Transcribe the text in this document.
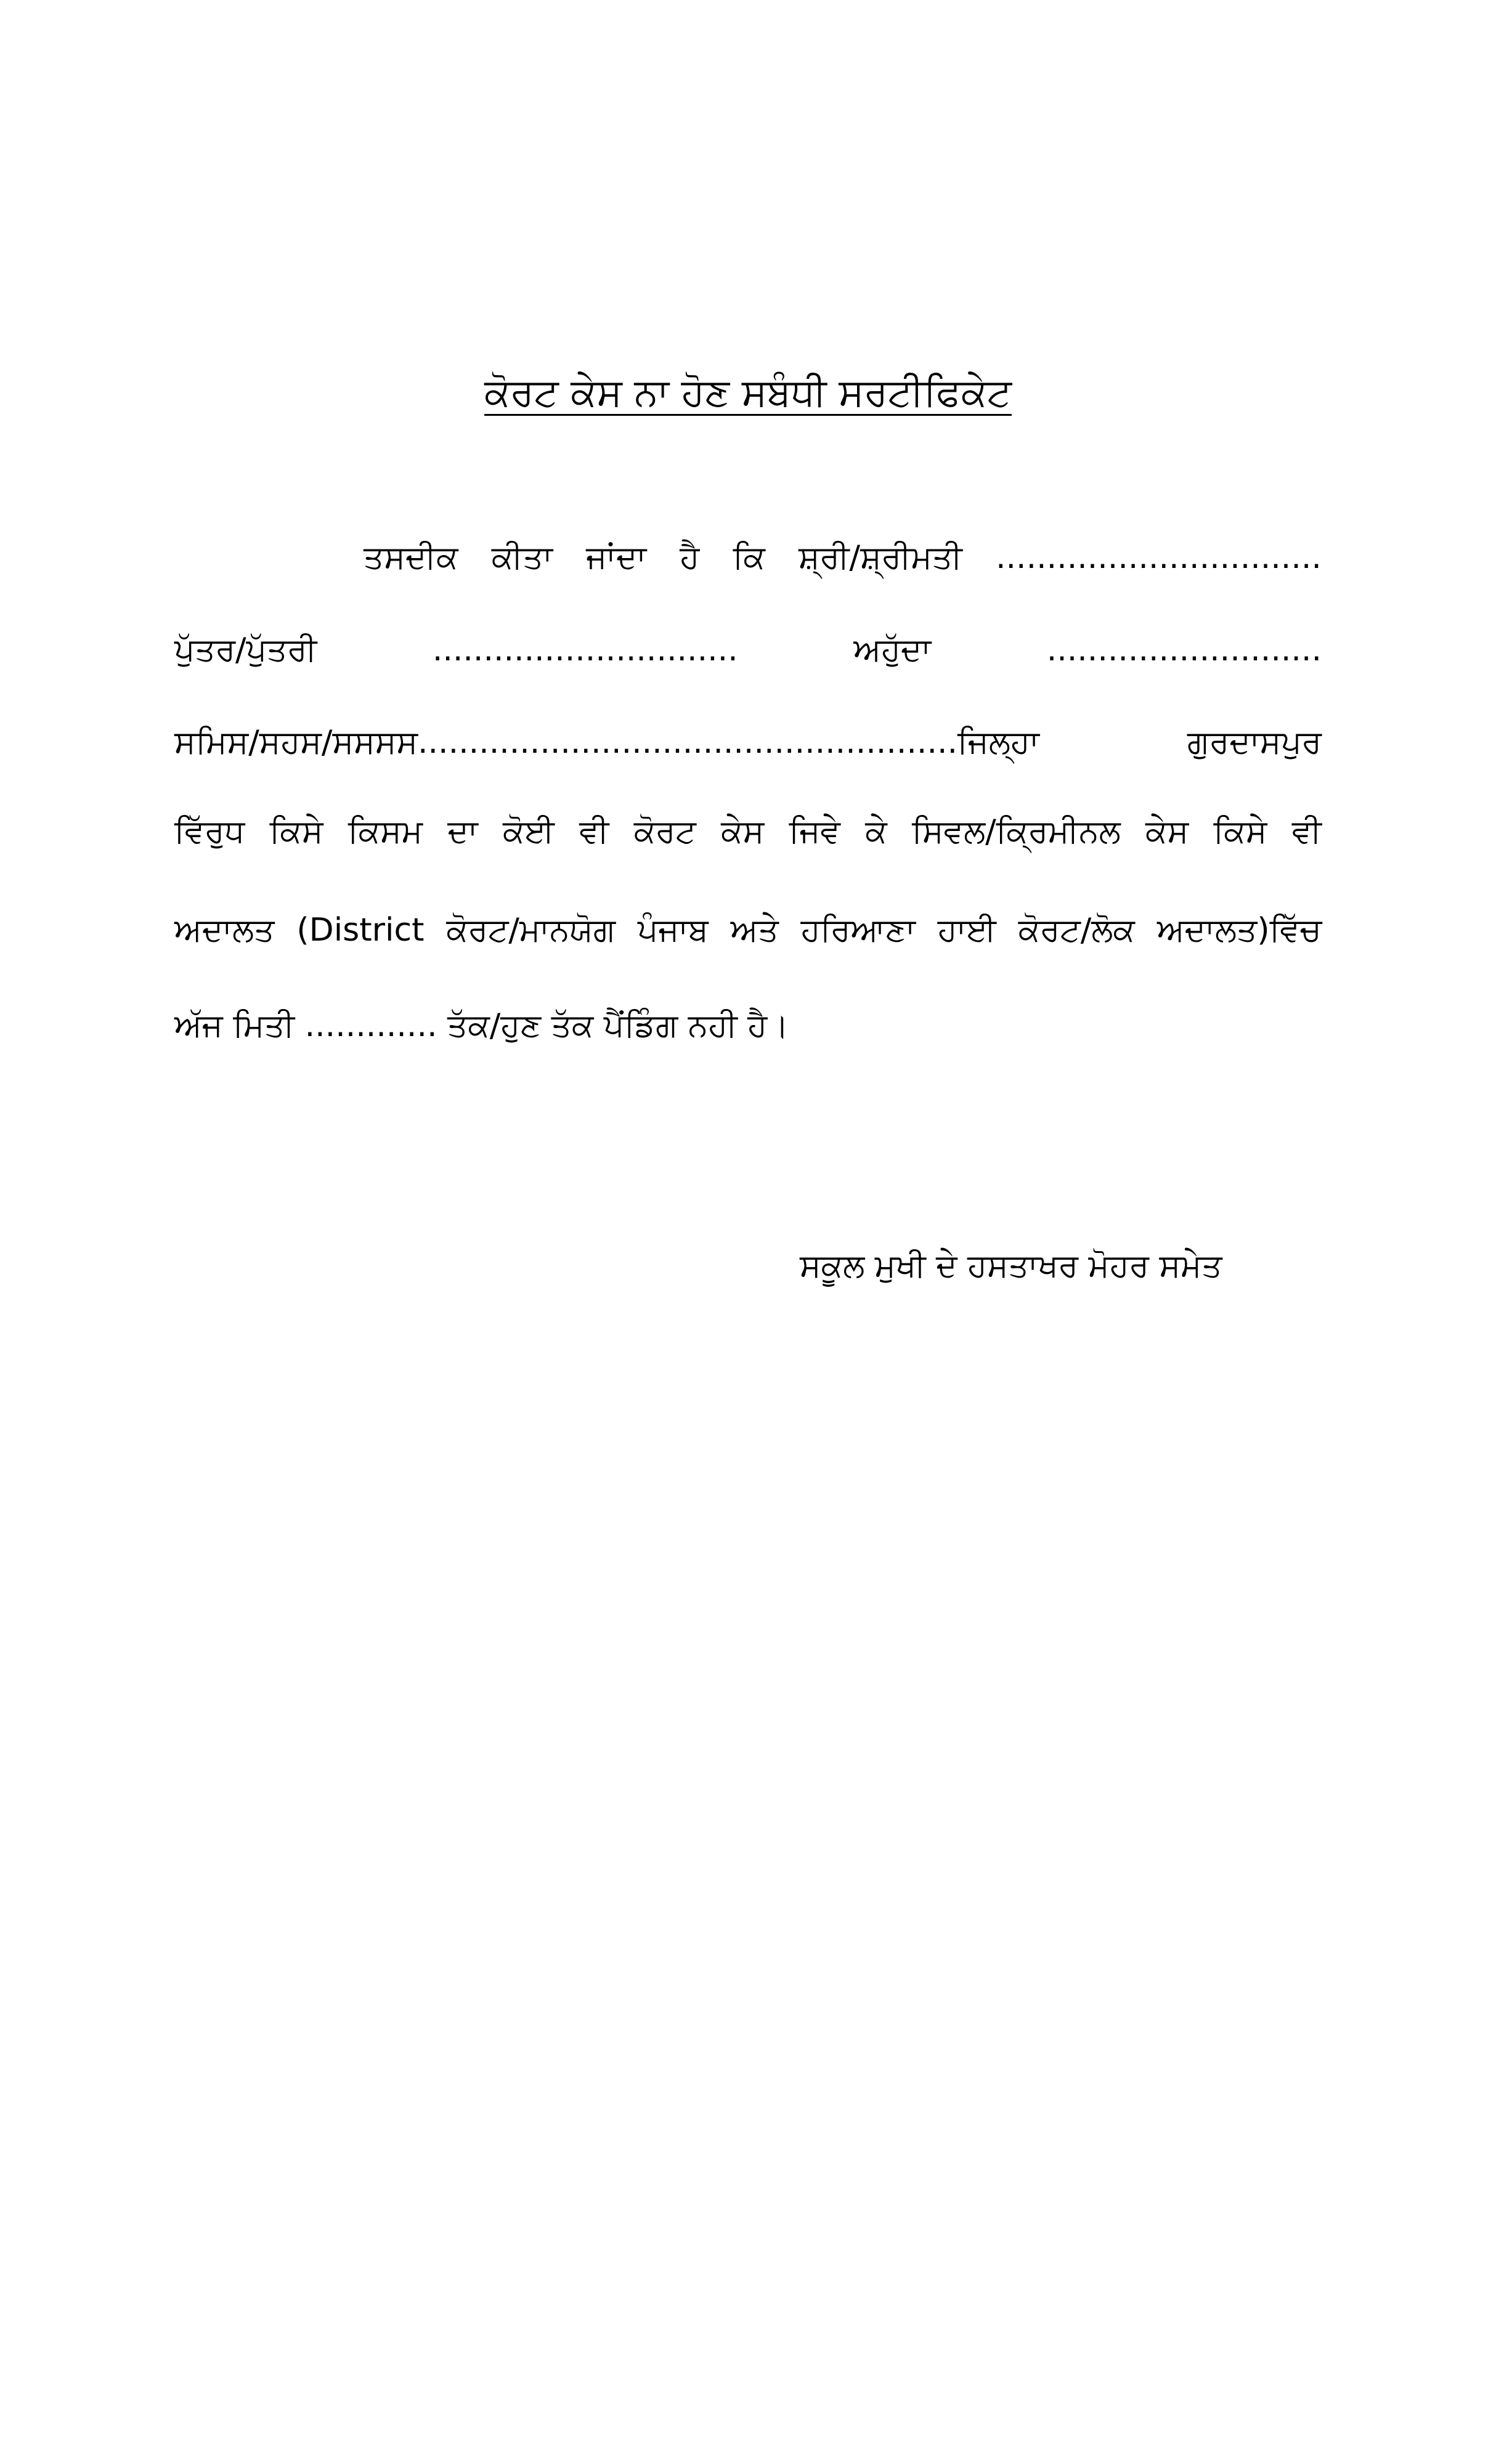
ਕੋਰਟ ਕੇਸ ਨਾ ਹੋਣ ਸਬੰਧੀ ਸਰਟੀਫਿਕੇਟ
ਤਸਦੀਕ ਕੀਤਾ ਜਾਂਦਾ ਹੈ ਕਿ ਸ਼੍ਰੀ/ਸ਼੍ਰੀਮਤੀ ................................
ਪੁੱਤਰ/ਪੁੱਤਰੀ	..............................	ਅਹੁੱਦਾ	...........................
ਸਮਿਸ/ਸਹਸ/ਸਸਸਸ.....................................................ਜਿਲ੍ਹਾ	ਗੁਰਦਾਸਪੁਰ
ਵਿੱਰੁਧ ਕਿਸੇ ਕਿਸਮ ਦਾ ਕੋਈ ਵੀ ਕੋਰਟ ਕੇਸ ਜਿਵੇ ਕੇ ਸਿਵਲ/ਕ੍ਰਿਮੀਨਲ ਕੇਸ ਕਿਸੇ ਵੀ
ਅਦਾਲਤ (District ਕੋਰਟ/ਮਾਨਯੋਗ ਪੰਜਾਬ ਅਤੇ ਹਰਿਆਣਾ ਹਾਈ ਕੋਰਟ/ਲੋਕ ਅਦਾਲਤ)ਵਿੱਚ
ਅੱਜ ਮਿਤੀ ............. ਤੱਕ/ਹੁਣ ਤੱਕ ਪੈਂਡਿੰਗ ਨਹੀ ਹੈ।
ਸਕੂਲ ਮੁਖੀ ਦੇ ਹਸਤਾਖਰ ਮੋਹਰ ਸਮੇਤ
